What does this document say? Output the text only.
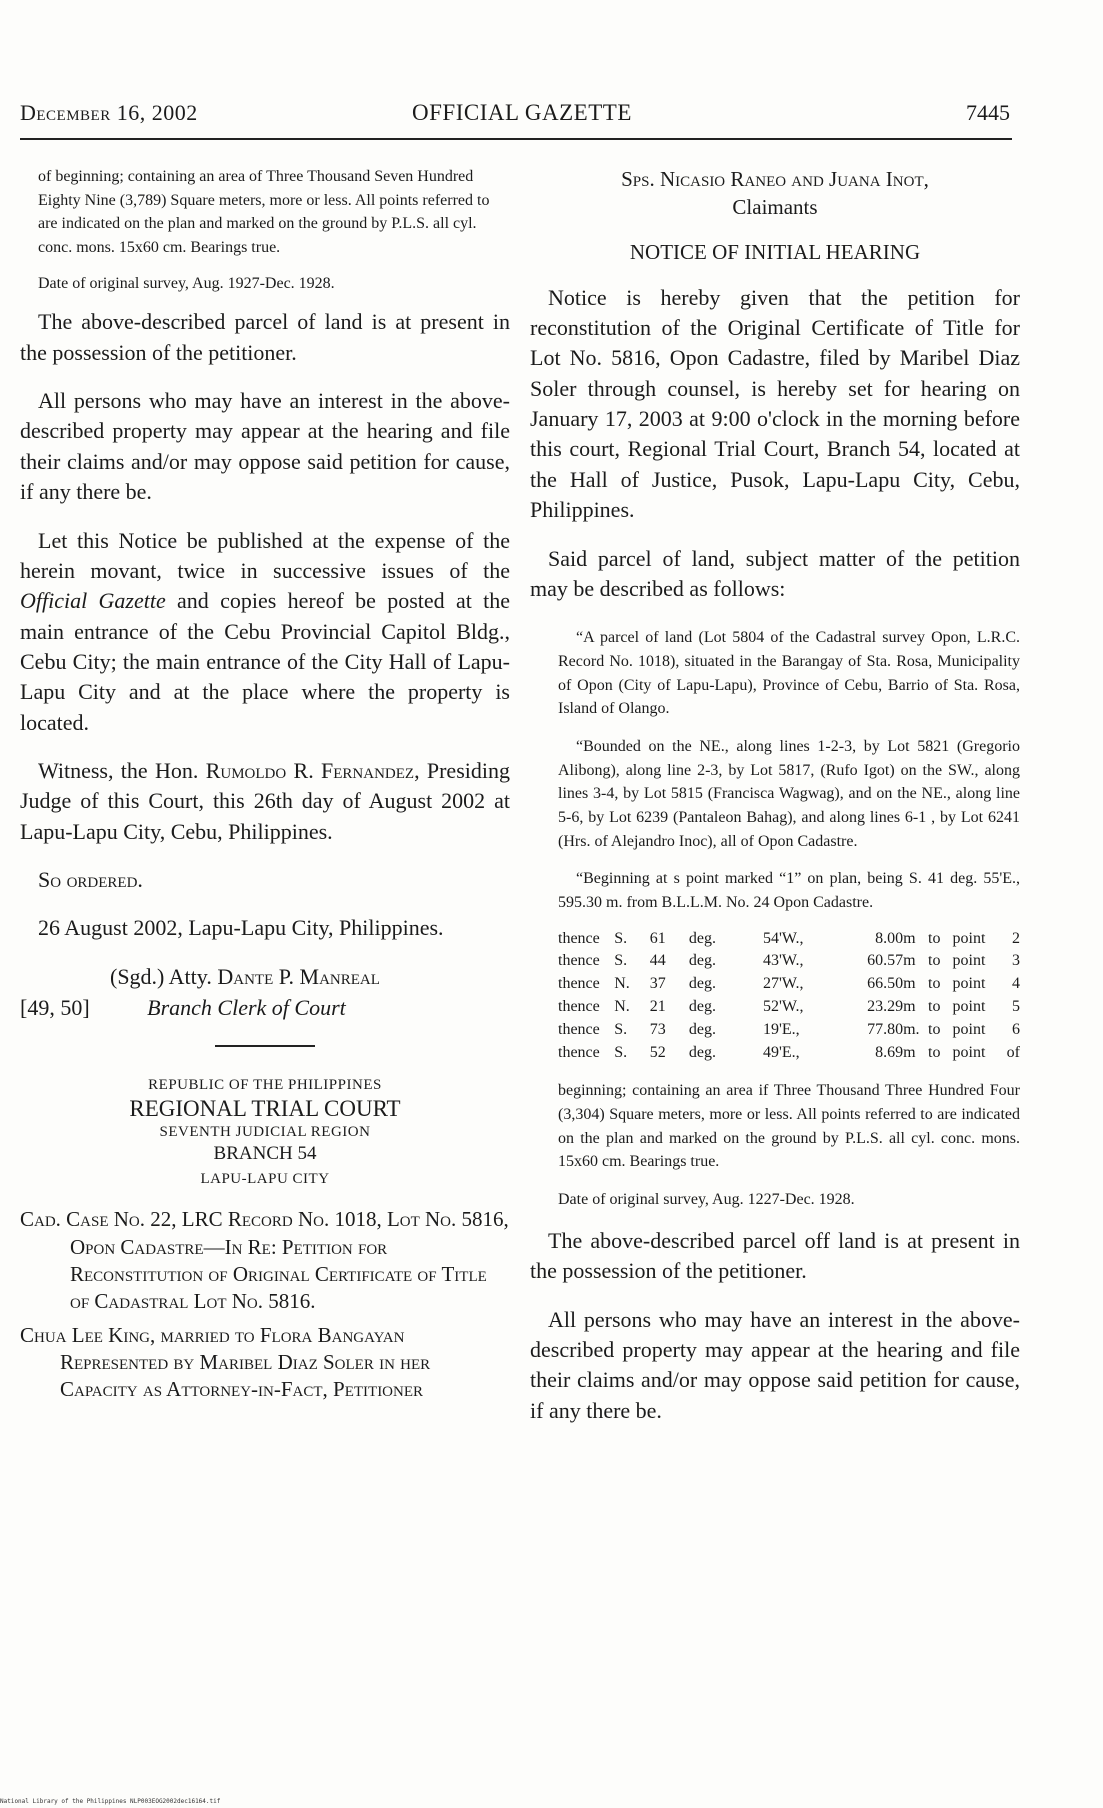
December 16, 2002	OFFICIAL GAZETTE	7445

of beginning; containing an area of Three Thousand Seven Hundred Eighty Nine (3,789) Square meters, more or less. All points referred to are indicated on the plan and marked on the ground by P.L.S. all cyl. conc. mons. 15x60 cm. Bearings true.

Date of original survey, Aug. 1927-Dec. 1928.

The above-described parcel of land is at present in the possession of the petitioner.

All persons who may have an interest in the above-described property may appear at the hearing and file their claims and/or may oppose said petition for cause, if any there be.

Let this Notice be published at the expense of the herein movant, twice in successive issues of the Official Gazette and copies hereof be posted at the main entrance of the Cebu Provincial Capitol Bldg., Cebu City; the main entrance of the City Hall of Lapu-Lapu City and at the place where the property is located.

Witness, the Hon. Rumoldo R. Fernandez, Presiding Judge of this Court, this 26th day of August 2002 at Lapu-Lapu City, Cebu, Philippines.

So ordered.

26 August 2002, Lapu-Lapu City, Philippines.

(Sgd.) Atty. Dante P. Manreal
[49, 50]	Branch Clerk of Court
REPUBLIC OF THE PHILIPPINES
REGIONAL TRIAL COURT
SEVENTH JUDICIAL REGION
BRANCH 54
LAPU-LAPU CITY

Cad. Case No. 22, LRC Record No. 1018, Lot No. 5816, Opon Cadastre—In Re: Petition for Reconstitution of Original Certificate of Title of Cadastral Lot No. 5816.

Chua Lee King, married to Flora Bangayan Represented by Maribel Diaz Soler in her Capacity as Attorney-in-Fact, Petitioner

Sps. Nicasio Raneo and Juana Inot,
Claimants
NOTICE OF INITIAL HEARING

Notice is hereby given that the petition for reconstitution of the Original Certificate of Title for Lot No. 5816, Opon Cadastre, filed by Maribel Diaz Soler through counsel, is hereby set for hearing on January 17, 2003 at 9:00 o'clock in the morning before this court, Regional Trial Court, Branch 54, located at the Hall of Justice, Pusok, Lapu-Lapu City, Cebu, Philippines.

Said parcel of land, subject matter of the petition may be described as follows:

“A parcel of land (Lot 5804 of the Cadastral survey Opon, L.R.C. Record No. 1018), situated in the Barangay of Sta. Rosa, Municipality of Opon (City of Lapu-Lapu), Province of Cebu, Barrio of Sta. Rosa, Island of Olango.

“Bounded on the NE., along lines 1-2-3, by Lot 5821 (Gregorio Alibong), along line 2-3, by Lot 5817, (Rufo Igot) on the SW., along lines 3-4, by Lot 5815 (Francisca Wagwag), and on the NE., along line 5-6, by Lot 6239 (Pantaleon Bahag), and along lines 6-1 , by Lot 6241 (Hrs. of Alejandro Inoc), all of Opon Cadastre.

“Beginning at s point marked “1” on plan, being S. 41 deg. 55'E., 595.30 m. from B.L.L.M. No. 24 Opon Cadastre.

thence	S.	61	deg.	54'W.,	8.00	m	to	point	2
thence	S.	44	deg.	43'W.,	60.57	m	to	point	3
thence	N.	37	deg.	27'W.,	66.50	m	to	point	4
thence	N.	21	deg.	52'W.,	23.29	m	to	point	5
thence	S.	73	deg.	19'E.,	77.80	m.	to	point	6
thence	S.	52	deg.	49'E.,	8.69	m	to	point	of

beginning; containing an area if Three Thousand Three Hundred Four (3,304) Square meters, more or less. All points referred to are indicated on the plan and marked on the ground by P.L.S. all cyl. conc. mons. 15x60 cm. Bearings true.

Date of original survey, Aug. 1227-Dec. 1928.

The above-described parcel off land is at present in the possession of the petitioner.

All persons who may have an interest in the above-described property may appear at the hearing and file their claims and/or may oppose said petition for cause, if any there be.

National Library of the Philippines NLP003EOG2002dec16164.tif
